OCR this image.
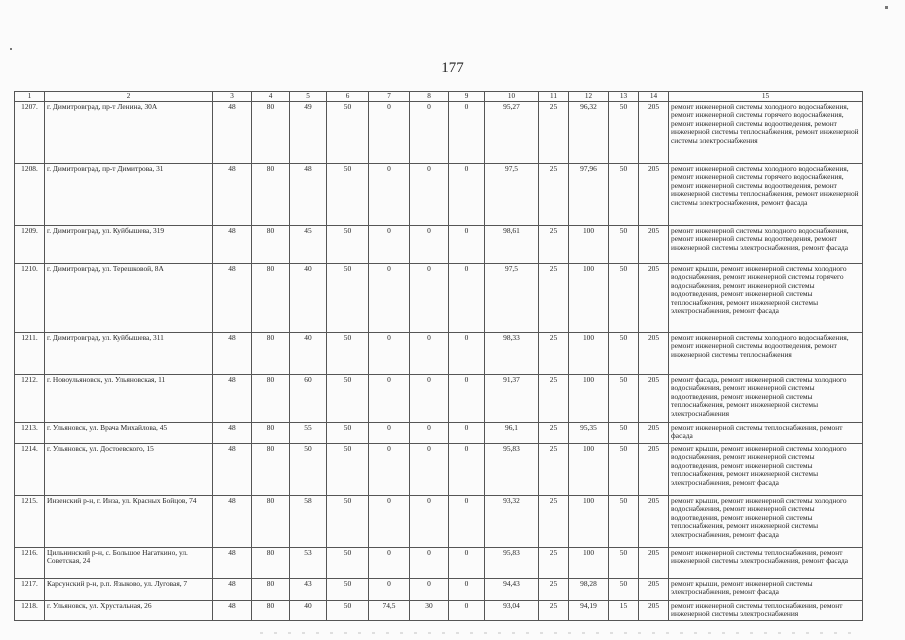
177
1	2	3	4	5	6	7	8	9	10	11	12	13	14	15
1207.	г. Димитровград, пр-т Ленина, 30А	48	80	49	50	0	0	0	95,27	25	96,32	50	205	ремонт инженерной системы холодного водоснабжения, ремонт инженерной системы горячего водоснабжения, ремонт инженерной системы водоотведения, ремонт инженерной системы теплоснабжения, ремонт инженерной системы электроснабжения
1208.	г. Димитровград, пр-т Димитрова, 31	48	80	48	50	0	0	0	97,5	25	97,96	50	205	ремонт инженерной системы холодного водоснабжения, ремонт инженерной системы горячего водоснабжения, ремонт инженерной системы водоотведения, ремонт инженерной системы теплоснабжения, ремонт инженерной системы электроснабжения, ремонт фасада
1209.	г. Димитровград, ул. Куйбышева, 319	48	80	45	50	0	0	0	98,61	25	100	50	205	ремонт инженерной системы холодного водоснабжения, ремонт инженерной системы водоотведения, ремонт инженерной системы электроснабжения, ремонт фасада
1210.	г. Димитровград, ул. Терешковой, 8А	48	80	40	50	0	0	0	97,5	25	100	50	205	ремонт крыши, ремонт инженерной системы холодного водоснабжения, ремонт инженерной системы горячего водоснабжения, ремонт инженерной системы водоотведения, ремонт инженерной системы теплоснабжения, ремонт инженерной системы электроснабжения, ремонт фасада
1211.	г. Димитровград, ул. Куйбышева, 311	48	80	40	50	0	0	0	98,33	25	100	50	205	ремонт инженерной системы холодного водоснабжения, ремонт инженерной системы водоотведения, ремонт инженерной системы теплоснабжения
1212.	г. Новоульяновск, ул. Ульяновская, 11	48	80	60	50	0	0	0	91,37	25	100	50	205	ремонт фасада, ремонт инженерной системы холодного водоснабжения, ремонт инженерной системы водоотведения, ремонт инженерной системы теплоснабжения, ремонт инженерной системы электроснабжения
1213.	г. Ульяновск, ул. Врача Михайлова, 45	48	80	55	50	0	0	0	96,1	25	95,35	50	205	ремонт инженерной системы теплоснабжения, ремонт фасада
1214.	г. Ульяновск, ул. Достоевского, 15	48	80	50	50	0	0	0	95,83	25	100	50	205	ремонт крыши, ремонт инженерной системы холодного водоснабжения, ремонт инженерной системы водоотведения, ремонт инженерной системы теплоснабжения, ремонт инженерной системы электроснабжения, ремонт фасада
1215.	Инзенский р-н, г. Инза, ул. Красных Бойцов, 74	48	80	58	50	0	0	0	93,32	25	100	50	205	ремонт крыши, ремонт инженерной системы холодного водоснабжения, ремонт инженерной системы водоотведения, ремонт инженерной системы теплоснабжения, ремонт инженерной системы электроснабжения, ремонт фасада
1216.	Цильнинский р-н, с. Большое Нагаткино, ул. Советская, 24	48	80	53	50	0	0	0	95,83	25	100	50	205	ремонт инженерной системы теплоснабжения, ремонт инженерной системы электроснабжения, ремонт фасада
1217.	Карсунский р-н, р.п. Языково, ул. Луговая, 7	48	80	43	50	0	0	0	94,43	25	98,28	50	205	ремонт крыши, ремонт инженерной системы электроснабжения, ремонт фасада
1218.	г. Ульяновск, ул. Хрустальная, 26	48	80	40	50	74,5	30	0	93,04	25	94,19	15	205	ремонт инженерной системы теплоснабжения, ремонт инженерной системы электроснабжения
